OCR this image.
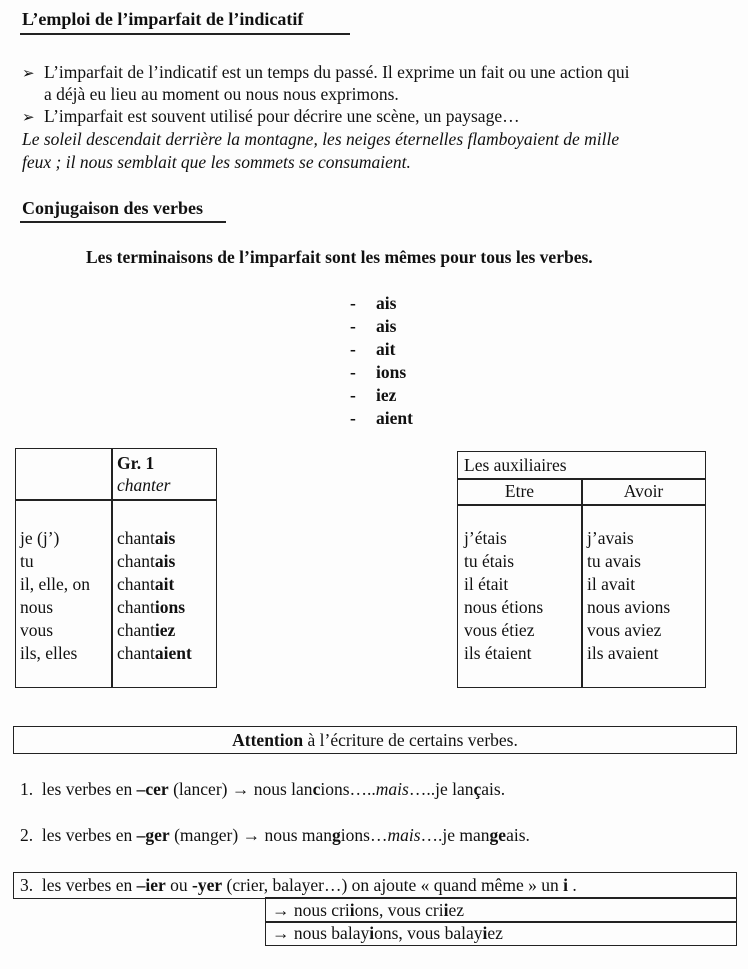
L’emploi de l’imparfait de l’indicatif
➢ L’imparfait de l’indicatif est un temps du passé. Il exprime un fait ou une action qui
a déjà eu lieu au moment ou nous nous exprimons.
➢ L’imparfait est souvent utilisé pour décrire une scène, un paysage…
Le soleil descendait derrière la montagne, les neiges éternelles flamboyaient de mille
feux ; il nous semblait que les sommets se consumaient.
Conjugaison des verbes
Les terminaisons de l’imparfait sont les mêmes pour tous les verbes.
- ais
- ais
- ait
- ions
- iez
- aient
Gr. 1
chanter
je (j’)
tu
il, elle, on
nous
vous
ils, elles
chantais
chantais
chantait
chantions
chantiez
chantaient
Les auxiliaires
Etre	Avoir
j’étais
tu étais
il était
nous étions
vous étiez
ils étaient
j’avais
tu avais
il avait
nous avions
vous aviez
ils avaient
Attention à l’écriture de certains verbes.
1. les verbes en –cer (lancer) → nous lancions…..mais…..je lançais.
2. les verbes en –ger (manger) → nous mangions…mais….je mangeais.
3. les verbes en –ier ou -yer (crier, balayer…) on ajoute « quand même » un i .
→ nous criions, vous criiez
→ nous balayions, vous balayiez
